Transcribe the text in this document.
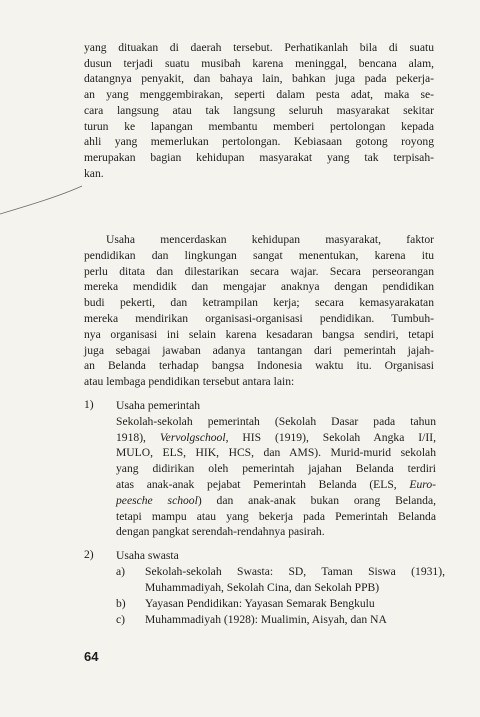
yang dituakan di daerah tersebut. Perhatikanlah bila di suatu
dusun terjadi suatu musibah karena meninggal, bencana alam,
datangnya penyakit, dan bahaya lain, bahkan juga pada pekerja-
an yang menggembirakan, seperti dalam pesta adat, maka se-
cara langsung atau tak langsung seluruh masyarakat sekitar
turun ke lapangan membantu memberi pertolongan kepada
ahli yang memerlukan pertolongan. Kebiasaan gotong royong
merupakan bagian kehidupan masyarakat yang tak terpisah-
kan.
Usaha mencerdaskan kehidupan masyarakat, faktor
pendidikan dan lingkungan sangat menentukan, karena itu
perlu ditata dan dilestarikan secara wajar. Secara perseorangan
mereka mendidik dan mengajar anaknya dengan pendidikan
budi pekerti, dan ketrampilan kerja; secara kemasyarakatan
mereka mendirikan organisasi-organisasi pendidikan. Tumbuh-
nya organisasi ini selain karena kesadaran bangsa sendiri, tetapi
juga sebagai jawaban adanya tantangan dari pemerintah jajah-
an Belanda terhadap bangsa Indonesia waktu itu. Organisasi
atau lembaga pendidikan tersebut antara lain:
1) Usaha pemerintah
Sekolah-sekolah pemerintah (Sekolah Dasar pada tahun
1918), Vervolgschool, HIS (1919), Sekolah Angka I/II,
MULO, ELS, HIK, HCS, dan AMS). Murid-murid sekolah
yang didirikan oleh pemerintah jajahan Belanda terdiri
atas anak-anak pejabat Pemerintah Belanda (ELS, Euro-
peesche school) dan anak-anak bukan orang Belanda,
tetapi mampu atau yang bekerja pada Pemerintah Belanda
dengan pangkat serendah-rendahnya pasirah.
2) Usaha swasta
a) Sekolah-sekolah Swasta: SD, Taman Siswa (1931),
Muhammadiyah, Sekolah Cina, dan Sekolah PPB)
b) Yayasan Pendidikan: Yayasan Semarak Bengkulu
c) Muhammadiyah (1928): Mualimin, Aisyah, dan NA
64
